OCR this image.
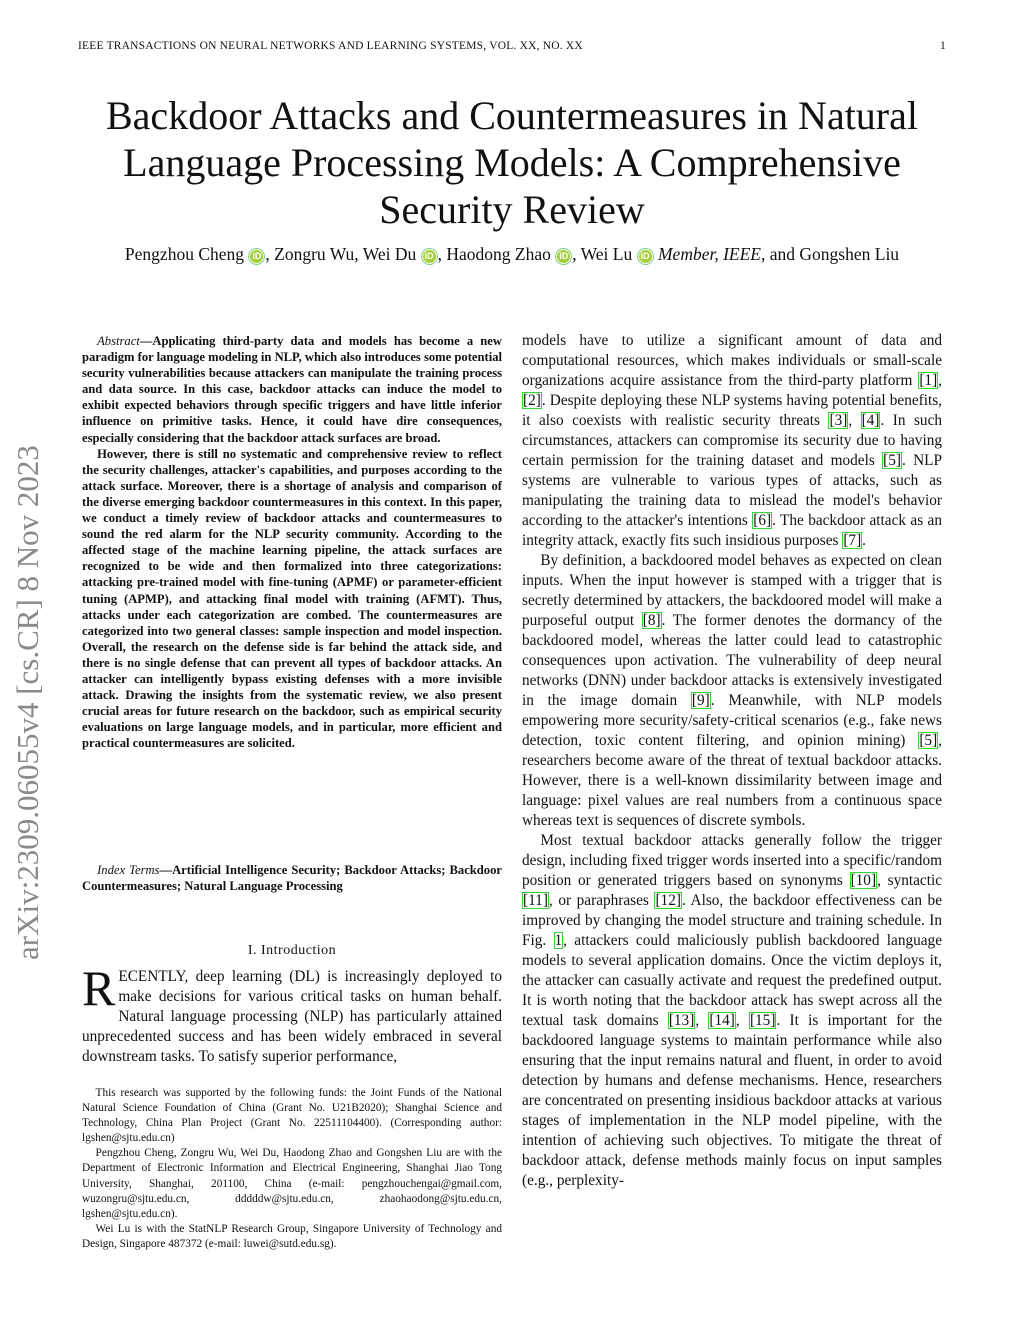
IEEE TRANSACTIONS ON NEURAL NETWORKS AND LEARNING SYSTEMS, VOL. XX, NO. XX	1
Backdoor Attacks and Countermeasures in Natural
Language Processing Models: A Comprehensive
Security Review
Pengzhou Cheng iD , Zongru Wu, Wei Du iD , Haodong Zhao iD , Wei Lu iD Member, IEEE, and Gongshen Liu
arXiv:2309.06055v4 [cs.CR] 8 Nov 2023

Abstract—Applicating third-party data and models has become a new paradigm for language modeling in NLP, which also introduces some potential security vulnerabilities because attackers can manipulate the training process and data source. In this case, backdoor attacks can induce the model to exhibit expected behaviors through specific triggers and have little inferior influence on primitive tasks. Hence, it could have dire consequences, especially considering that the backdoor attack surfaces are broad.

However, there is still no systematic and comprehensive review to reflect the security challenges, attacker's capabilities, and purposes according to the attack surface. Moreover, there is a shortage of analysis and comparison of the diverse emerging backdoor countermeasures in this context. In this paper, we conduct a timely review of backdoor attacks and countermeasures to sound the red alarm for the NLP security community. According to the affected stage of the machine learning pipeline, the attack surfaces are recognized to be wide and then formalized into three categorizations: attacking pre-trained model with fine-tuning (APMF) or parameter-efficient tuning (APMP), and attacking final model with training (AFMT). Thus, attacks under each categorization are combed. The countermeasures are categorized into two general classes: sample inspection and model inspection. Overall, the research on the defense side is far behind the attack side, and there is no single defense that can prevent all types of backdoor attacks. An attacker can intelligently bypass existing defenses with a more invisible attack. Drawing the insights from the systematic review, we also present crucial areas for future research on the backdoor, such as empirical security evaluations on large language models, and in particular, more efficient and practical countermeasures are solicited.

Index Terms—Artificial Intelligence Security; Backdoor Attacks; Backdoor Countermeasures; Natural Language Processing

I. Introduction

RECENTLY, deep learning (DL) is increasingly deployed to make decisions for various critical tasks on human behalf. Natural language processing (NLP) has particularly attained unprecedented success and has been widely embraced in several downstream tasks. To satisfy superior performance,

This research was supported by the following funds: the Joint Funds of the National Natural Science Foundation of China (Grant No. U21B2020); Shanghai Science and Technology, China Plan Project (Grant No. 22511104400). (Corresponding author: lgshen@sjtu.edu.cn)

Pengzhou Cheng, Zongru Wu, Wei Du, Haodong Zhao and Gongshen Liu are with the Department of Electronic Information and Electrical Engineering, Shanghai Jiao Tong University, Shanghai, 201100, China (e-mail: pengzhouchengai@gmail.com, wuzongru@sjtu.edu.cn, dddddw@sjtu.edu.cn, zhaohaodong@sjtu.edu.cn, lgshen@sjtu.edu.cn).

Wei Lu is with the StatNLP Research Group, Singapore University of Technology and Design, Singapore 487372 (e-mail: luwei@sutd.edu.sg).

models have to utilize a significant amount of data and computational resources, which makes individuals or small-scale organizations acquire assistance from the third-party platform [1], [2]. Despite deploying these NLP systems having potential benefits, it also coexists with realistic security threats [3], [4]. In such circumstances, attackers can compromise its security due to having certain permission for the training dataset and models [5]. NLP systems are vulnerable to various types of attacks, such as manipulating the training data to mislead the model's behavior according to the attacker's intentions [6]. The backdoor attack as an integrity attack, exactly fits such insidious purposes [7].

By definition, a backdoored model behaves as expected on clean inputs. When the input however is stamped with a trigger that is secretly determined by attackers, the backdoored model will make a purposeful output [8]. The former denotes the dormancy of the backdoored model, whereas the latter could lead to catastrophic consequences upon activation. The vulnerability of deep neural networks (DNN) under backdoor attacks is extensively investigated in the image domain [9]. Meanwhile, with NLP models empowering more security/safety-critical scenarios (e.g., fake news detection, toxic content filtering, and opinion mining) [5], researchers become aware of the threat of textual backdoor attacks. However, there is a well-known dissimilarity between image and language: pixel values are real numbers from a continuous space whereas text is sequences of discrete symbols.

Most textual backdoor attacks generally follow the trigger design, including fixed trigger words inserted into a specific/random position or generated triggers based on synonyms [10], syntactic [11], or paraphrases [12]. Also, the backdoor effectiveness can be improved by changing the model structure and training schedule. In Fig. 1, attackers could maliciously publish backdoored language models to several application domains. Once the victim deploys it, the attacker can casually activate and request the predefined output. It is worth noting that the backdoor attack has swept across all the textual task domains [13], [14], [15]. It is important for the backdoored language systems to maintain performance while also ensuring that the input remains natural and fluent, in order to avoid detection by humans and defense mechanisms. Hence, researchers are concentrated on presenting insidious backdoor attacks at various stages of implementation in the NLP model pipeline, with the intention of achieving such objectives. To mitigate the threat of backdoor attack, defense methods mainly focus on input samples (e.g., perplexity-
